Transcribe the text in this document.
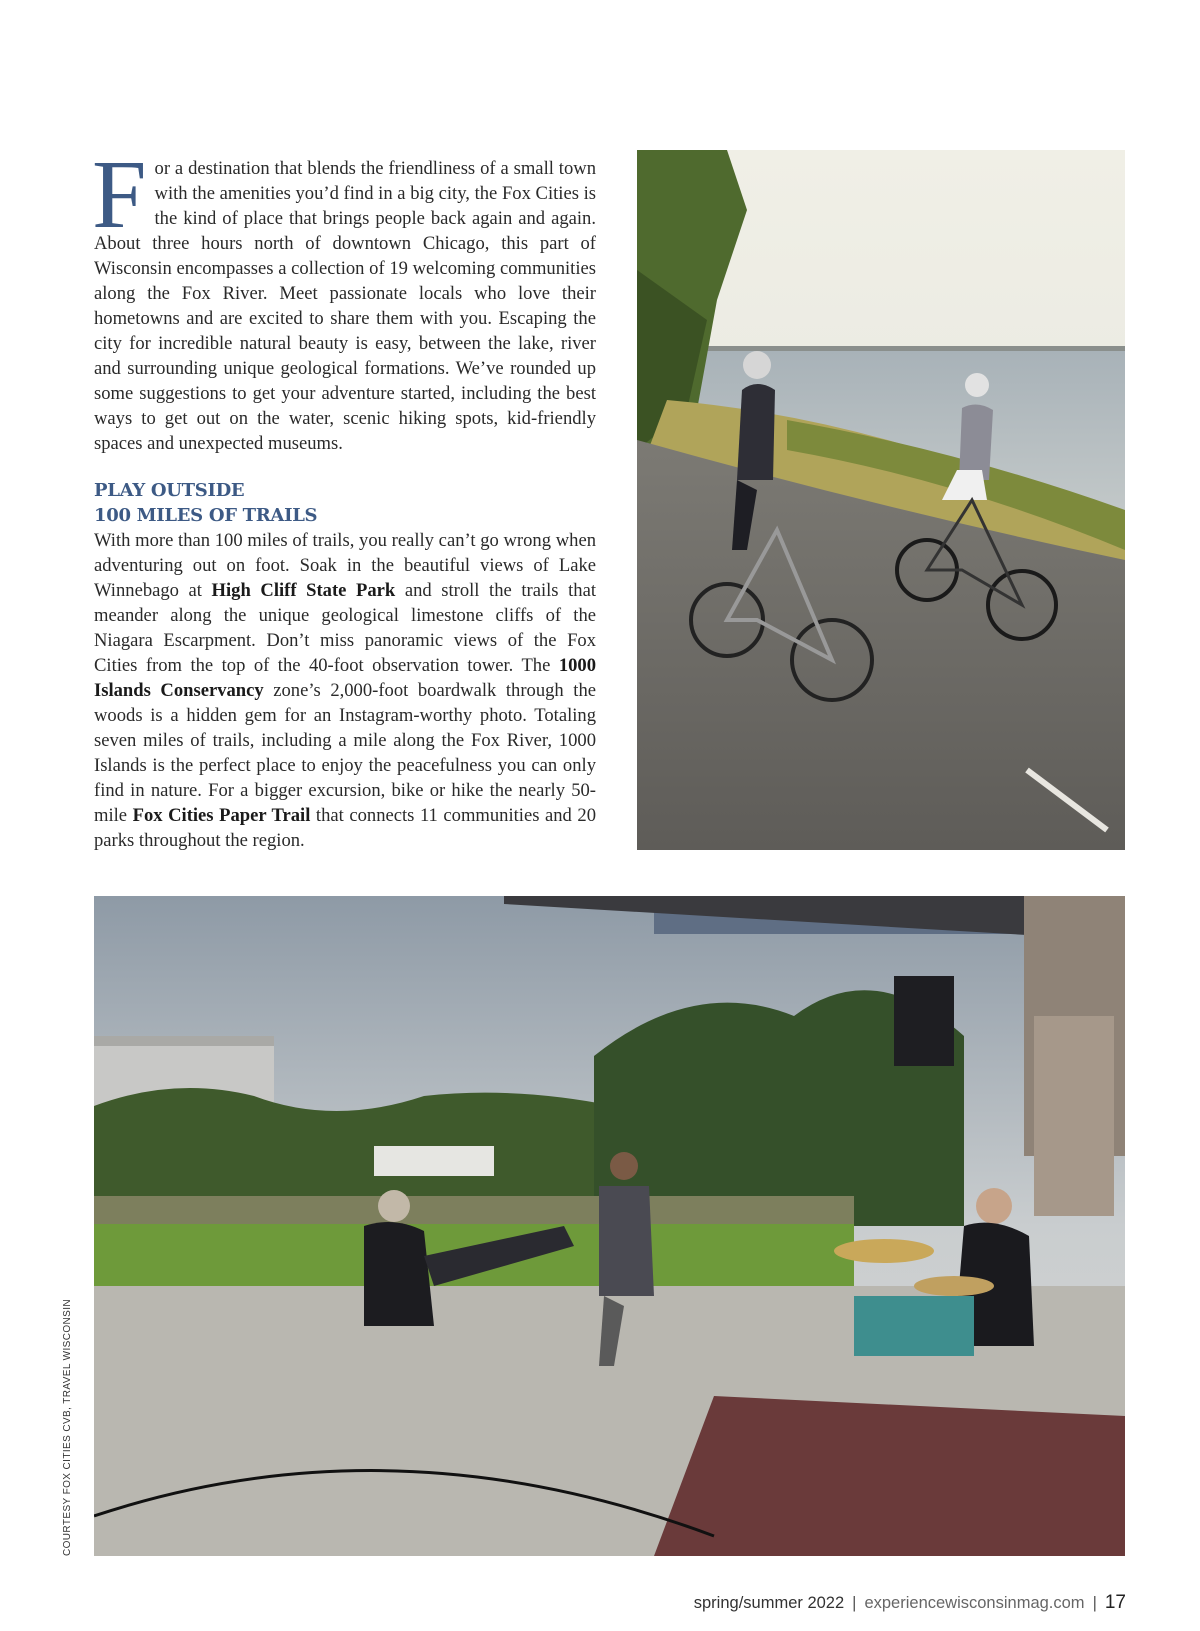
For a destination that blends the friendliness of a small town with the amenities you’d find in a big city, the Fox Cities is the kind of place that brings people back again and again. About three hours north of downtown Chicago, this part of Wisconsin encompasses a collection of 19 welcoming communities along the Fox River. Meet passionate locals who love their hometowns and are excited to share them with you. Escaping the city for incredible natural beauty is easy, between the lake, river and surrounding unique geological formations. We’ve rounded up some suggestions to get your adventure started, including the best ways to get out on the water, scenic hiking spots, kid-friendly spaces and unexpected museums.

PLAY OUTSIDE
100 MILES OF TRAILS

With more than 100 miles of trails, you really can’t go wrong when adventuring out on foot. Soak in the beautiful views of Lake Winnebago at High Cliff State Park and stroll the trails that meander along the unique geological limestone cliffs of the Niagara Escarpment. Don’t miss panoramic views of the Fox Cities from the top of the 40-foot observation tower. The 1000 Islands Conservancy zone’s 2,000-foot boardwalk through the woods is a hidden gem for an Instagram-worthy photo. Totaling seven miles of trails, including a mile along the Fox River, 1000 Islands is the perfect place to enjoy the peacefulness you can only find in nature. For a bigger excursion, bike or hike the nearly 50-mile Fox Cities Paper Trail that connects 11 communities and 20 parks throughout the region.

COURTESY FOX CITIES CVB, TRAVEL WISCONSIN
spring/summer 2022 | experiencewisconsinmag.com | 17
